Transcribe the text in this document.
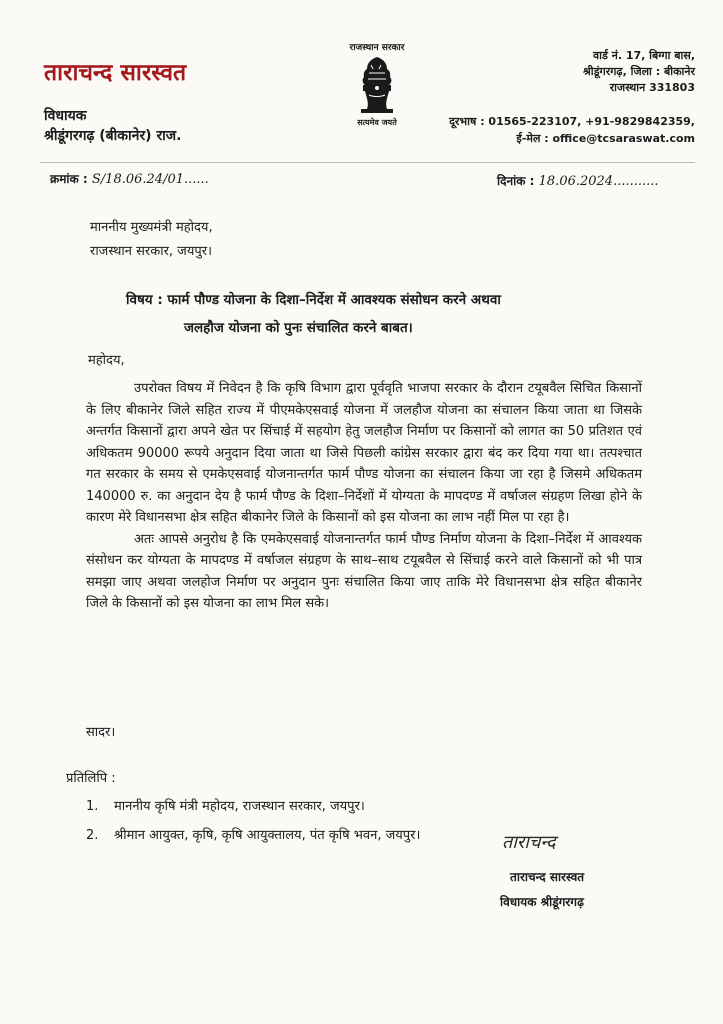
ताराचन्द सारस्वत
विधायक
श्रीडूंगरगढ़ (बीकानेर) राज.
राजस्थान सरकार
सत्यमेव जयते
वार्ड नं. 17, बिग्गा बास,
श्रीडूंगरगढ़, जिला : बीकानेर
राजस्थान 331803
दूरभाष : 01565-223107, +91-9829842359,
ई-मेल : office@tcsaraswat.com
क्रमांक : S/18.06.24/01......	दिनांक : 18.06.2024...........
माननीय मुख्यमंत्री महोदय,
राजस्थान सरकार, जयपुर।
विषय : फार्म पौण्ड योजना के दिशा–निर्देश में आवश्यक संसोधन करने अथवा
जलहौज योजना को पुनः संचालित करने बाबत।
महोदय,

उपरोक्त विषय में निवेदन है कि कृषि विभाग द्वारा पूर्ववृति भाजपा सरकार के दौरान टयूबवैल सिचित किसानों के लिए बीकानेर जिले सहित राज्य में पीएमकेएसवाई योजना में जलहौज योजना का संचालन किया जाता था जिसके अन्तर्गत किसानों द्वारा अपने खेत पर सिंचाई में सहयोग हेतु जलहौज निर्माण पर किसानों को लागत का 50 प्रतिशत एवं अधिकतम 90000 रूपये अनुदान दिया जाता था जिसे पिछली कांग्रेस सरकार द्वारा बंद कर दिया गया था। तत्पश्चात गत सरकार के समय से एमकेएसवाई योजनान्तर्गत फार्म पौण्ड योजना का संचालन किया जा रहा है जिसमे अधिकतम 140000 रु. का अनुदान देय है फार्म पौण्ड के दिशा–निर्देशों में योग्यता के मापदण्ड में वर्षाजल संग्रहण लिखा होने के कारण मेरे विधानसभा क्षेत्र सहित बीकानेर जिले के किसानों को इस योजना का लाभ नहीं मिल पा रहा है।

अतः आपसे अनुरोध है कि एमकेएसवाई योजनान्तर्गत फार्म पौण्ड निर्माण योजना के दिशा–निर्देश में आवश्यक संसोधन कर योग्यता के मापदण्ड में वर्षाजल संग्रहण के साथ–साथ टयूबवैल से सिंचाई करने वाले किसानों को भी पात्र समझा जाए अथवा जलहोज निर्माण पर अनुदान पुनः संचालित किया जाए ताकि मेरे विधानसभा क्षेत्र सहित बीकानेर जिले के किसानों को इस योजना का लाभ मिल सके।

सादर।
प्रतिलिपि :
1. माननीय कृषि मंत्री महोदय, राजस्थान सरकार, जयपुर।
2. श्रीमान आयुक्त, कृषि, कृषि आयुक्तालय, पंत कृषि भवन, जयपुर।	ताराचन्द
ताराचन्द सारस्वत
विधायक श्रीडूंगरगढ़
